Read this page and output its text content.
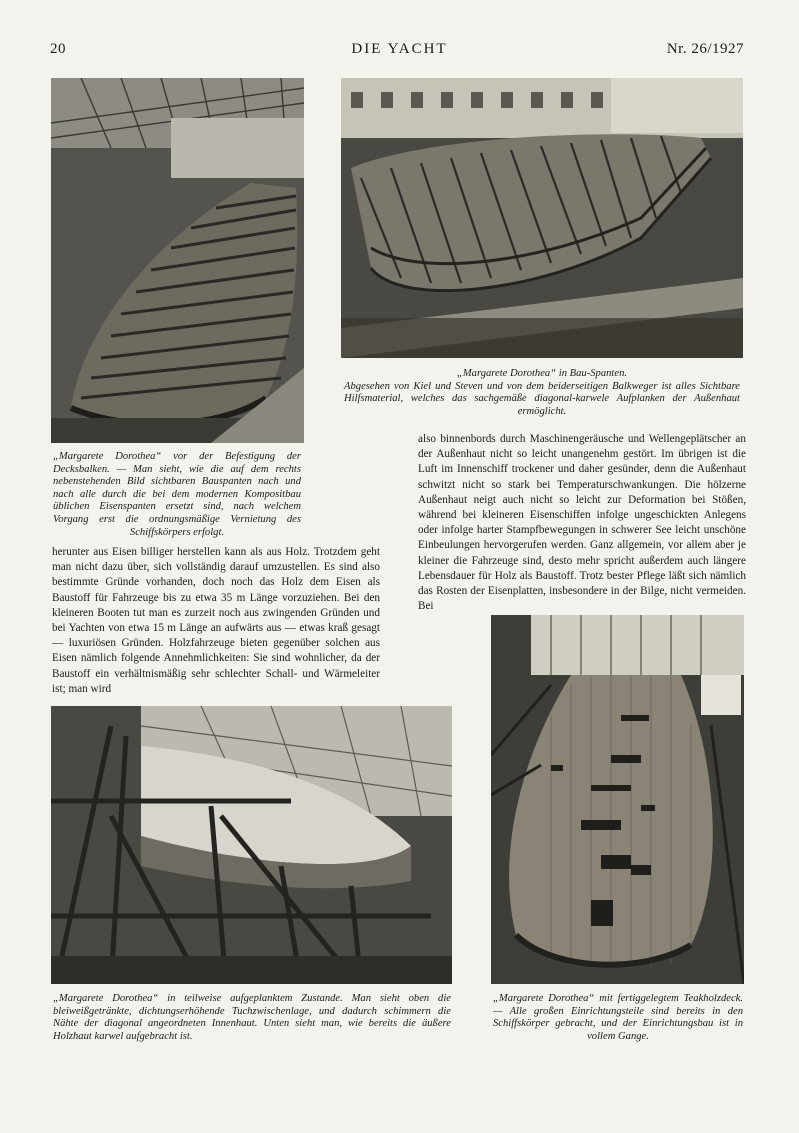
20	DIE YACHT	Nr. 26/1927

„Margarete Dorothea“ in Bau-Spanten.

Abgesehen von Kiel und Steven und von dem beiderseitigen Balkweger ist alles Sichtbare Hilfsmaterial, welches das sachgemäße diagonal-karwele Aufplanken der Außenhaut ermöglicht.

„Margarete Dorothea“ vor der Befestigung der Decksbalken. — Man sieht, wie die auf dem rechts nebenstehenden Bild sichtbaren Bauspanten nach und nach alle durch die bei dem modernen Kompositbau üblichen Eisenspanten ersetzt sind, nach welchem Vorgang erst die ordnungsmäßige Vernietung des Schiffskörpers erfolgt.

also binnenbords durch Maschinengeräusche und Wellengeplätscher an der Außenhaut nicht so leicht unangenehm gestört. Im übrigen ist die Luft im Innenschiff trockener und daher gesünder, denn die Außenhaut schwitzt nicht so stark bei Temperaturschwankungen. Die hölzerne Außenhaut neigt auch nicht so leicht zur Deformation bei Stößen, während bei kleineren Eisenschiffen infolge ungeschickten Anlegens oder infolge harter Stampfbewegungen in schwerer See leicht unschöne Einbeulungen hervorgerufen werden. Ganz allgemein, vor allem aber je kleiner die Fahrzeuge sind, desto mehr spricht außerdem auch längere Lebensdauer für Holz als Baustoff. Trotz bester Pflege läßt sich nämlich das Rosten der Eisenplatten, insbesondere in der Bilge, nicht vermeiden. Bei

herunter aus Eisen billiger herstellen kann als aus Holz. Trotzdem geht man nicht dazu über, sich vollständig darauf umzustellen. Es sind also bestimmte Gründe vorhanden, doch noch das Holz dem Eisen als Baustoff für Fahrzeuge bis zu etwa 35 m Länge vorzuziehen. Bei den kleineren Booten tut man es zurzeit noch aus zwingenden Gründen und bei Yachten von etwa 15 m Länge an aufwärts aus — etwas kraß gesagt — luxuriösen Gründen. Holzfahrzeuge bieten gegenüber solchen aus Eisen nämlich folgende Annehmlichkeiten: Sie sind wohnlicher, da der Baustoff ein verhältnismäßig sehr schlechter Schall- und Wärmeleiter ist; man wird

„Margarete Dorothea“ in teilweise aufgeplanktem Zustande. Man sieht oben die bleiweißgetränkte, dichtungserhöhende Tuchzwischenlage, und dadurch schimmern die Nähte der diagonal angeordneten Innenhaut. Unten sieht man, wie bereits die äußere Holzhaut karwel aufgebracht ist.

„Margarete Dorothea“ mit fertiggelegtem Teakholzdeck. — Alle großen Einrichtungsteile sind bereits in den Schiffskörper gebracht, und der Einrichtungsbau ist in vollem Gange.
